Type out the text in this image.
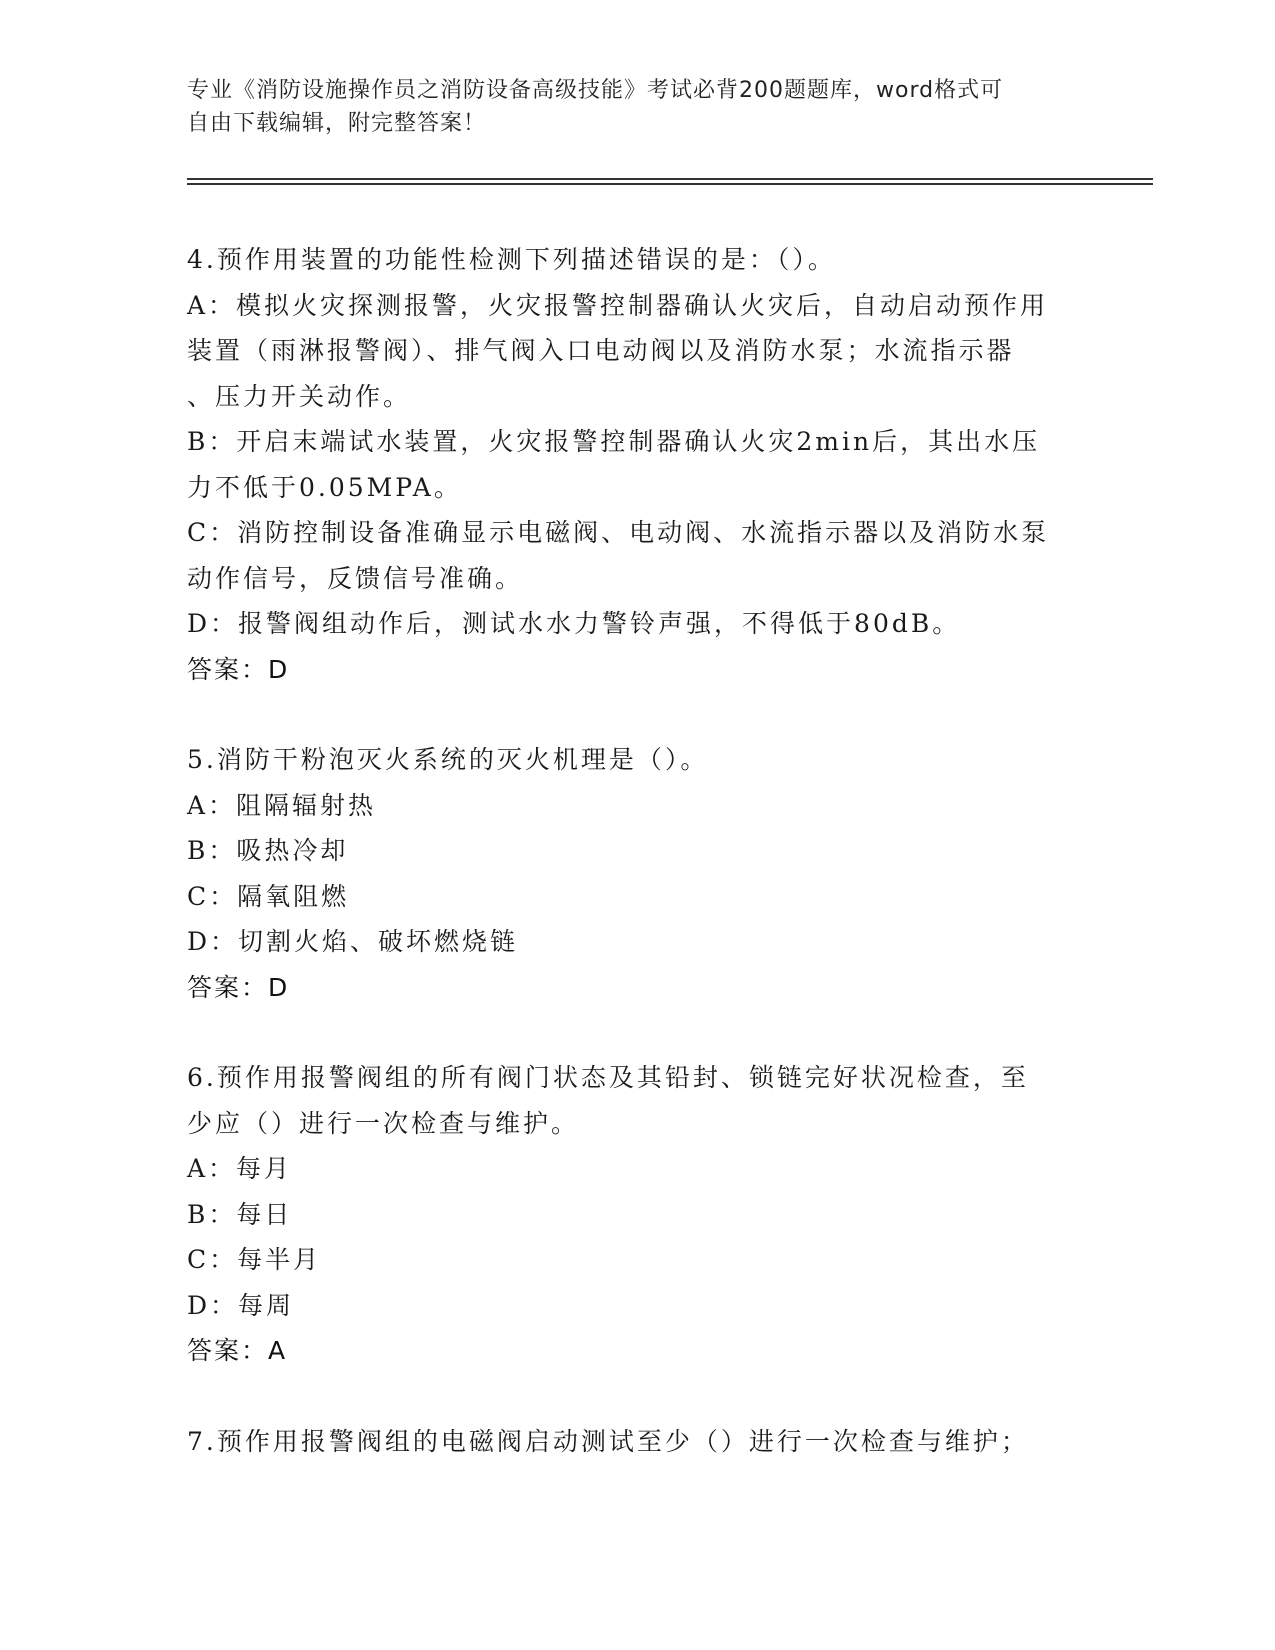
专业《消防设施操作员之消防设备高级技能》考试必背200题题库，word格式可
自由下载编辑，附完整答案！
4.预作用装置的功能性检测下列描述错误的是：（）。
A：模拟火灾探测报警，火灾报警控制器确认火灾后，自动启动预作用
装置（雨淋报警阀）、排气阀入口电动阀以及消防水泵；水流指示器
、压力开关动作。
B：开启末端试水装置，火灾报警控制器确认火灾2min后，其出水压
力不低于0.05MPA。
C：消防控制设备准确显示电磁阀、电动阀、水流指示器以及消防水泵
动作信号，反馈信号准确。
D：报警阀组动作后，测试水水力警铃声强，不得低于80dB。
答案：D
5.消防干粉泡灭火系统的灭火机理是（）。
A：阻隔辐射热
B：吸热冷却
C：隔氧阻燃
D：切割火焰、破坏燃烧链
答案：D
6.预作用报警阀组的所有阀门状态及其铅封、锁链完好状况检查，至
少应（）进行一次检查与维护。
A：每月
B：每日
C：每半月
D：每周
答案：A
7.预作用报警阀组的电磁阀启动测试至少（）进行一次检查与维护；
